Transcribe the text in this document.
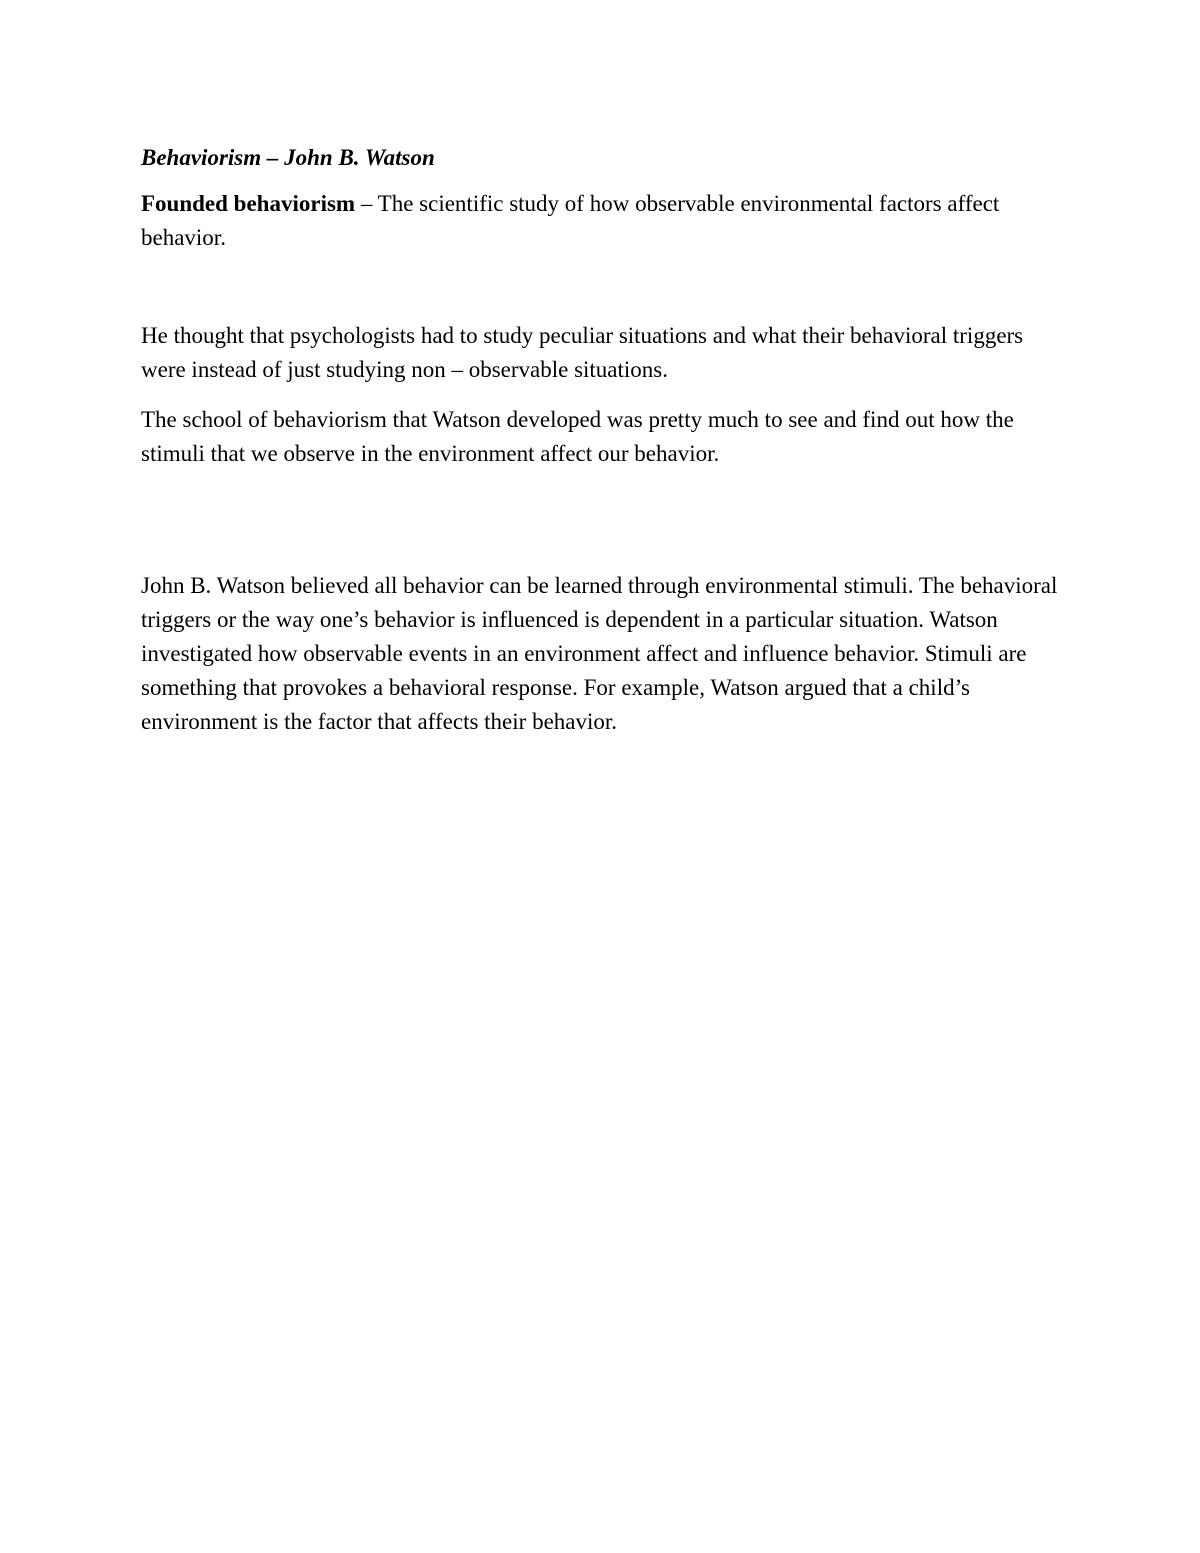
Behaviorism – John B. Watson

Founded behaviorism – The scientific study of how observable environmental factors affect behavior.

He thought that psychologists had to study peculiar situations and what their behavioral triggers were instead of just studying non – observable situations.

The school of behaviorism that Watson developed was pretty much to see and find out how the stimuli that we observe in the environment affect our behavior.

John B. Watson believed all behavior can be learned through environmental stimuli. The behavioral triggers or the way one’s behavior is influenced is dependent in a particular situation. Watson investigated how observable events in an environment affect and influence behavior. Stimuli are something that provokes a behavioral response. For example, Watson argued that a child’s environment is the factor that affects their behavior.
